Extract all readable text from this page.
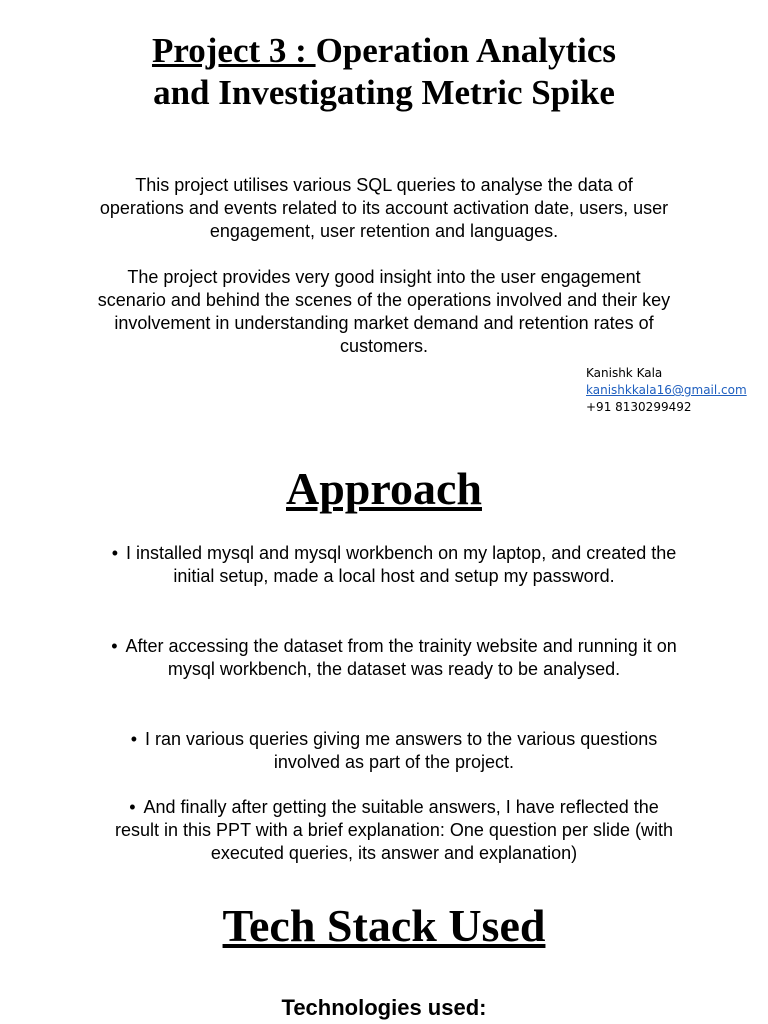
Project 3 : Operation Analytics
and Investigating Metric Spike
This project utilises various SQL queries to analyse the data of operations and events related to its account activation date, users, user engagement, user retention and languages.
The project provides very good insight into the user engagement scenario and behind the scenes of the operations involved and their key involvement in understanding market demand and retention rates of customers.
Kanishk Kala
kanishkkala16@gmail.com
+91 8130299492
Approach
• I installed mysql and mysql workbench on my laptop, and created the initial setup, made a local host and setup my password.
• After accessing the dataset from the trainity website and running it on mysql workbench, the dataset was ready to be analysed.
• I ran various queries giving me answers to the various questions involved as part of the project.
• And finally after getting the suitable answers, I have reflected the result in this PPT with a brief explanation: One question per slide (with executed queries, its answer and explanation)
Tech Stack Used
Technologies used:
